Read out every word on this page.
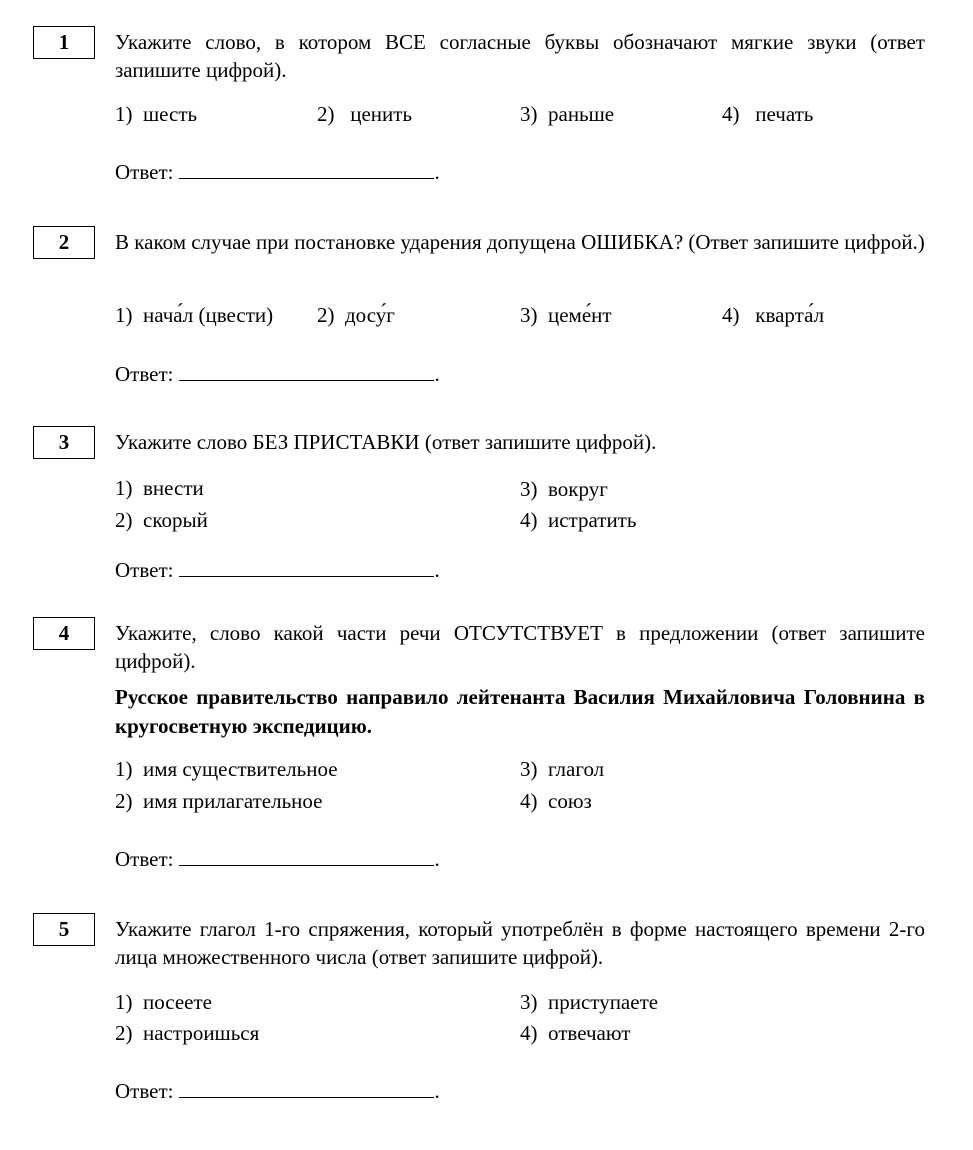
1	Укажите слово, в котором ВСЕ согласные буквы обозначают мягкие звуки (ответ запишите цифрой).
1) шесть	2) ценить	3) раньше	4) печать
Ответ:	.
2	В каком случае при постановке ударения допущена ОШИБКА? (Ответ запишите цифрой.)
1) нача́л (цвести) 2) досу́г	3) цеме́нт	4) кварта́л
Ответ:	.
3	Укажите слово БЕЗ ПРИСТАВКИ (ответ запишите цифрой).
1) внести
2) скорый
3) вокруг
4) истратить
Ответ:	.
4	Укажите, слово какой части речи ОТСУТСТВУЕТ в предложении (ответ запишите цифрой).
Русское правительство направило лейтенанта Василия Михайловича Головнина в кругосветную экспедицию.
1) имя существительное
2) имя прилагательное
3) глагол
4) союз
Ответ:	.
5	Укажите глагол 1-го спряжения, который употреблён в форме настоящего времени 2-го лица множественного числа (ответ запишите цифрой).
1) посеете
2) настроишься
3) приступаете
4) отвечают
Ответ:	.
